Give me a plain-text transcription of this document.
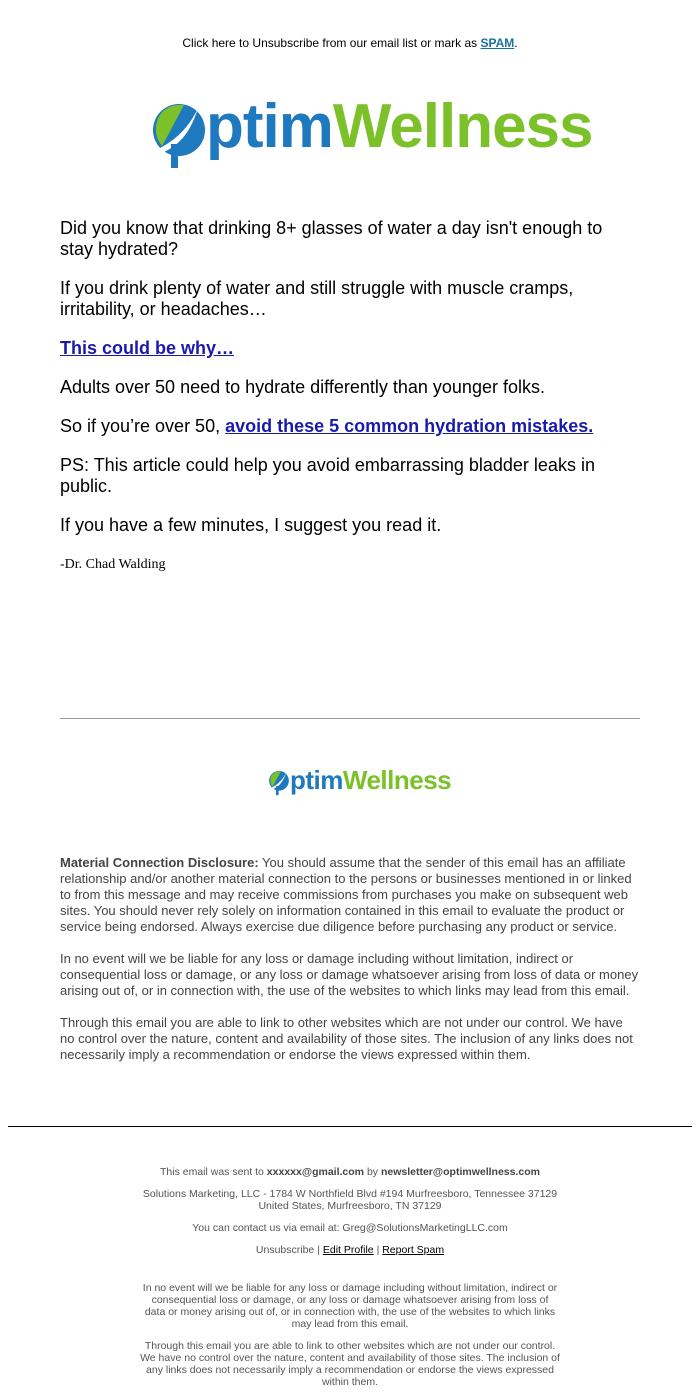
Click here to Unsubscribe from our email list or mark as SPAM.
ptimWellness

Did you know that drinking 8+ glasses of water a day isn't enough to stay hydrated?

If you drink plenty of water and still struggle with muscle cramps, irritability, or headaches…

This could be why…

Adults over 50 need to hydrate differently than younger folks.

So if you’re over 50, avoid these 5 common hydration mistakes.

PS: This article could help you avoid embarrassing bladder leaks in public.

If you have a few minutes, I suggest you read it.

-Dr. Chad Walding

ptimWellness

Material Connection Disclosure: You should assume that the sender of this email has an affiliate relationship and/or another material connection to the persons or businesses mentioned in or linked to from this message and may receive commissions from purchases you make on subsequent web sites. You should never rely solely on information contained in this email to evaluate the product or service being endorsed. Always exercise due diligence before purchasing any product or service.

In no event will we be liable for any loss or damage including without limitation, indirect or consequential loss or damage, or any loss or damage whatsoever arising from loss of data or money arising out of, or in connection with, the use of the websites to which links may lead from this email.

Through this email you are able to link to other websites which are not under our control. We have no control over the nature, content and availability of those sites. The inclusion of any links does not necessarily imply a recommendation or endorse the views expressed within them.

This email was sent to xxxxxx@gmail.com by newsletter@optimwellness.com

Solutions Marketing, LLC - 1784 W Northfield Blvd #194 Murfreesboro, Tennessee 37129 United States, Murfreesboro, TN 37129

You can contact us via email at: Greg@SolutionsMarketingLLC.com

Unsubscribe | Edit Profile | Report Spam

In no event will we be liable for any loss or damage including without limitation, indirect or consequential loss or damage, or any loss or damage whatsoever arising from loss of data or money arising out of, or in connection with, the use of the websites to which links may lead from this email.

Through this email you are able to link to other websites which are not under our control. We have no control over the nature, content and availability of those sites. The inclusion of any links does not necessarily imply a recommendation or endorse the views expressed within them.
